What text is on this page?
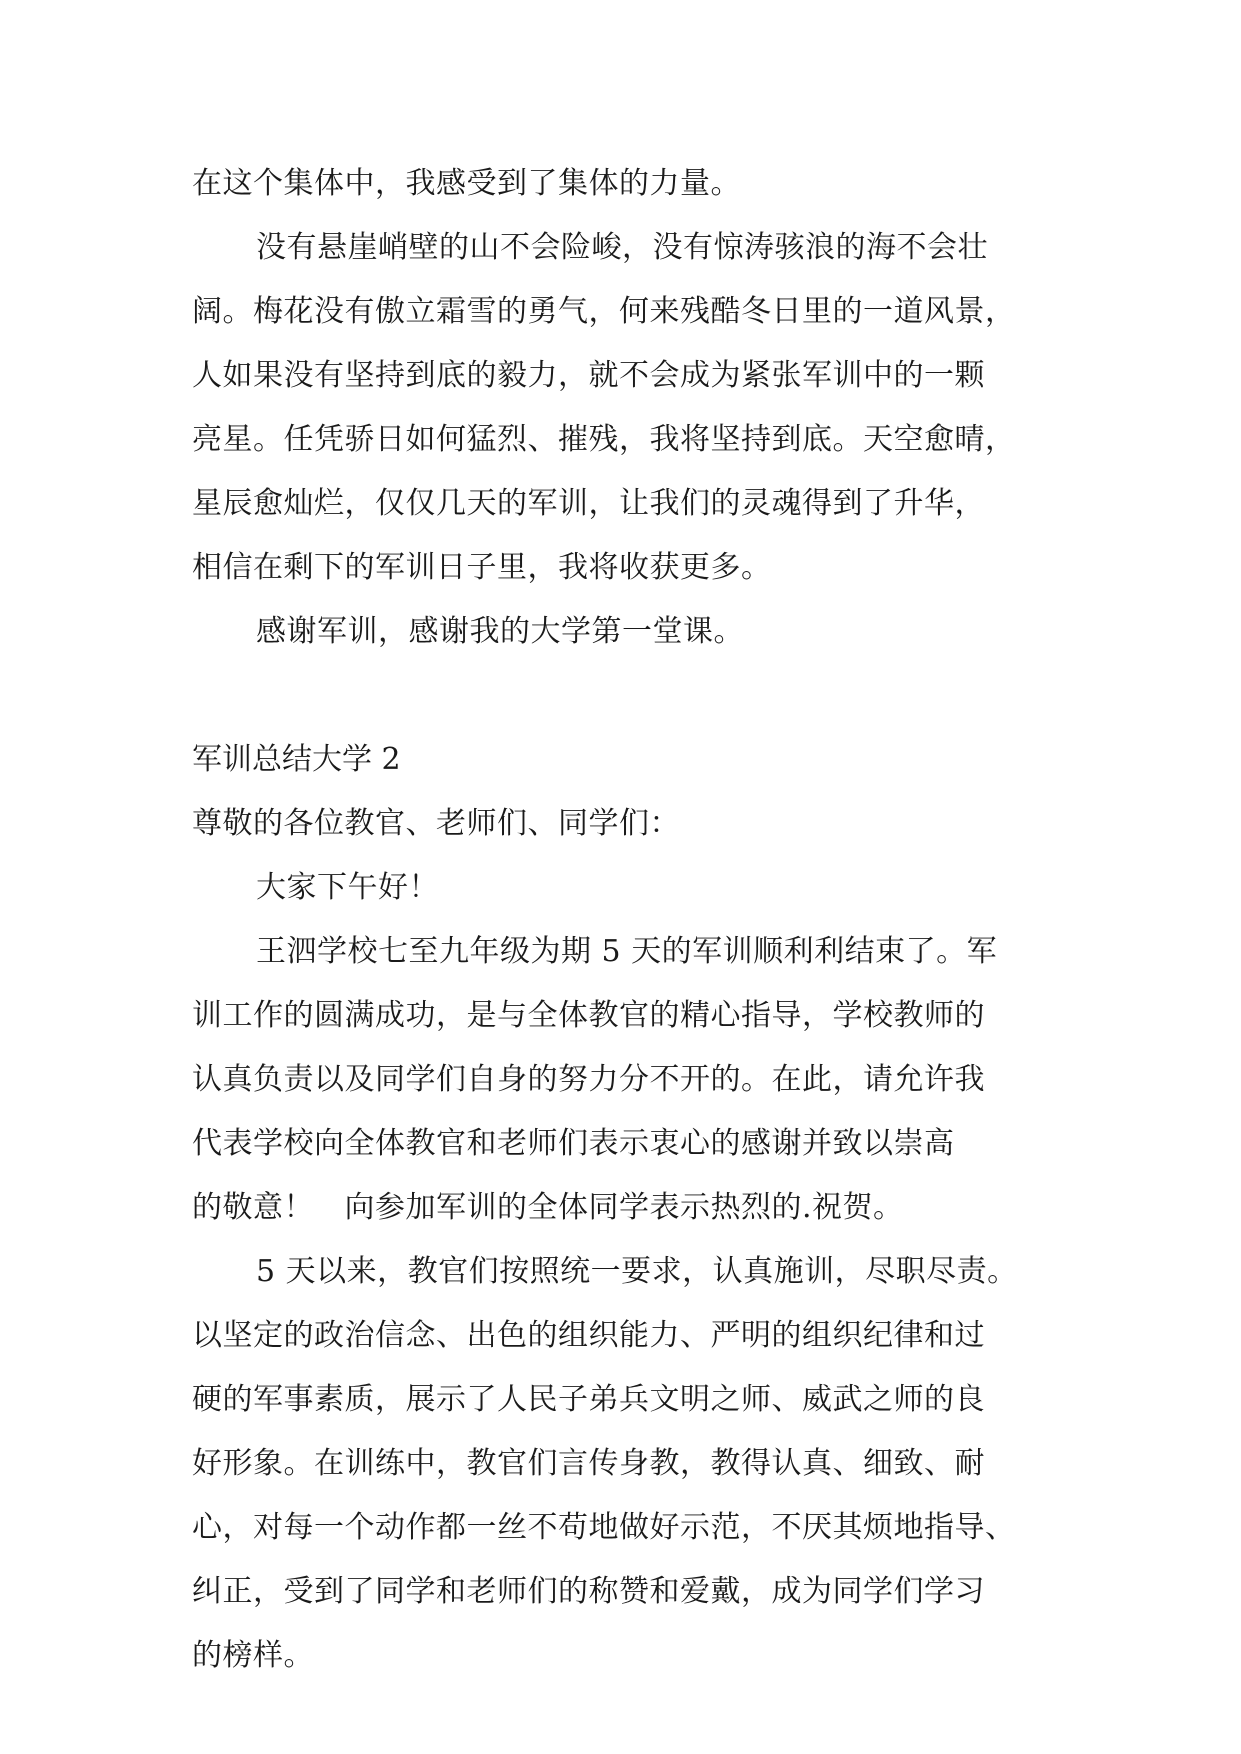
在这个集体中，我感受到了集体的力量。
没有悬崖峭壁的山不会险峻，没有惊涛骇浪的海不会壮
阔。梅花没有傲立霜雪的勇气，何来残酷冬日里的一道风景，
人如果没有坚持到底的毅力，就不会成为紧张军训中的一颗
亮星。任凭骄日如何猛烈、摧残，我将坚持到底。天空愈晴，
星辰愈灿烂，仅仅几天的军训，让我们的灵魂得到了升华，
相信在剩下的军训日子里，我将收获更多。
感谢军训，感谢我的大学第一堂课。
军训总结大学 2
尊敬的各位教官、老师们、同学们：
大家下午好！
王泗学校七至九年级为期 5 天的军训顺利利结束了。军
训工作的圆满成功，是与全体教官的精心指导，学校教师的
认真负责以及同学们自身的努力分不开的。在此，请允许我
代表学校向全体教官和老师们表示衷心的感谢并致以崇高
的敬意！　向参加军训的全体同学表示热烈的.祝贺。
5 天以来，教官们按照统一要求，认真施训，尽职尽责。
以坚定的政治信念、出色的组织能力、严明的组织纪律和过
硬的军事素质，展示了人民子弟兵文明之师、威武之师的良
好形象。在训练中，教官们言传身教，教得认真、细致、耐
心，对每一个动作都一丝不苟地做好示范，不厌其烦地指导、
纠正，受到了同学和老师们的称赞和爱戴，成为同学们学习
的榜样。
